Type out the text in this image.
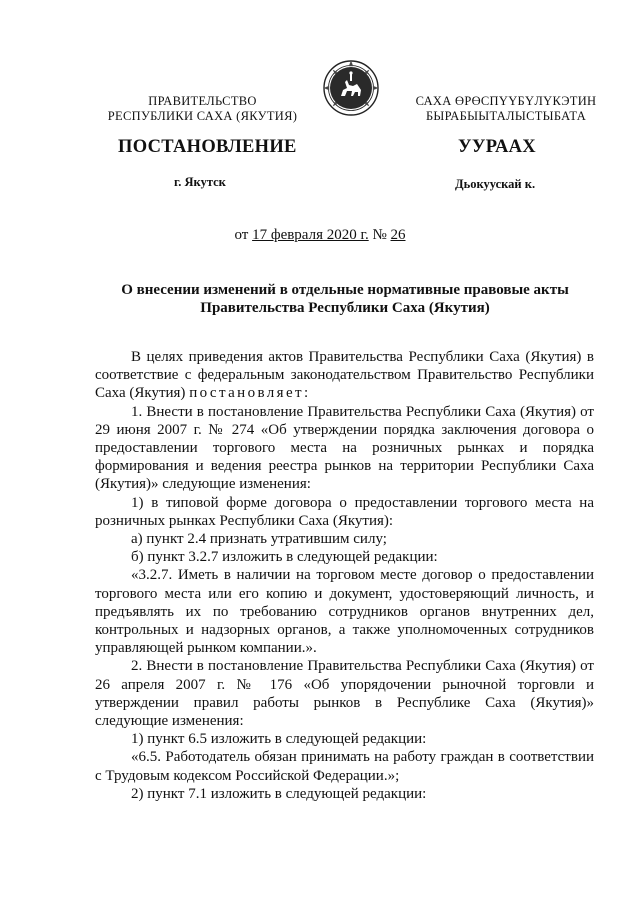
ПРАВИТЕЛЬСТВО
РЕСПУБЛИКИ САХА (ЯКУТИЯ)
САХА ӨРӨСПҮҮБҮЛҮКЭТИН
БЫРАБЫЫТАЛЫСТЫБАТА
ПОСТАНОВЛЕНИЕ	УУРААХ
г. Якутск	Дьокуускай к.
от 17 февраля 2020 г. № 26
О внесении изменений в отдельные нормативные правовые акты
Правительства Республики Саха (Якутия)

В целях приведения актов Правительства Республики Саха (Якутия) в соответствие с федеральным законодательством Правительство Республики Саха (Якутия) постановляет:

1. Внести в постановление Правительства Республики Саха (Якутия) от 29 июня 2007 г. № 274 «Об утверждении порядка заключения договора о предоставлении торгового места на розничных рынках и порядка формирования и ведения реестра рынков на территории Республики Саха (Якутия)» следующие изменения:

1) в типовой форме договора о предоставлении торгового места на розничных рынках Республики Саха (Якутия):

а) пункт 2.4 признать утратившим силу;

б) пункт 3.2.7 изложить в следующей редакции:

«3.2.7. Иметь в наличии на торговом месте договор о предоставлении торгового места или его копию и документ, удостоверяющий личность, и предъявлять их по требованию сотрудников органов внутренних дел, контрольных и надзорных органов, а также уполномоченных сотрудников управляющей рынком компании.».

2. Внести в постановление Правительства Республики Саха (Якутия) от 26 апреля 2007 г. № 176 «Об упорядочении рыночной торговли и утверждении правил работы рынков в Республике Саха (Якутия)» следующие изменения:

1) пункт 6.5 изложить в следующей редакции:

«6.5. Работодатель обязан принимать на работу граждан в соответствии с Трудовым кодексом Российской Федерации.»;

2) пункт 7.1 изложить в следующей редакции:
